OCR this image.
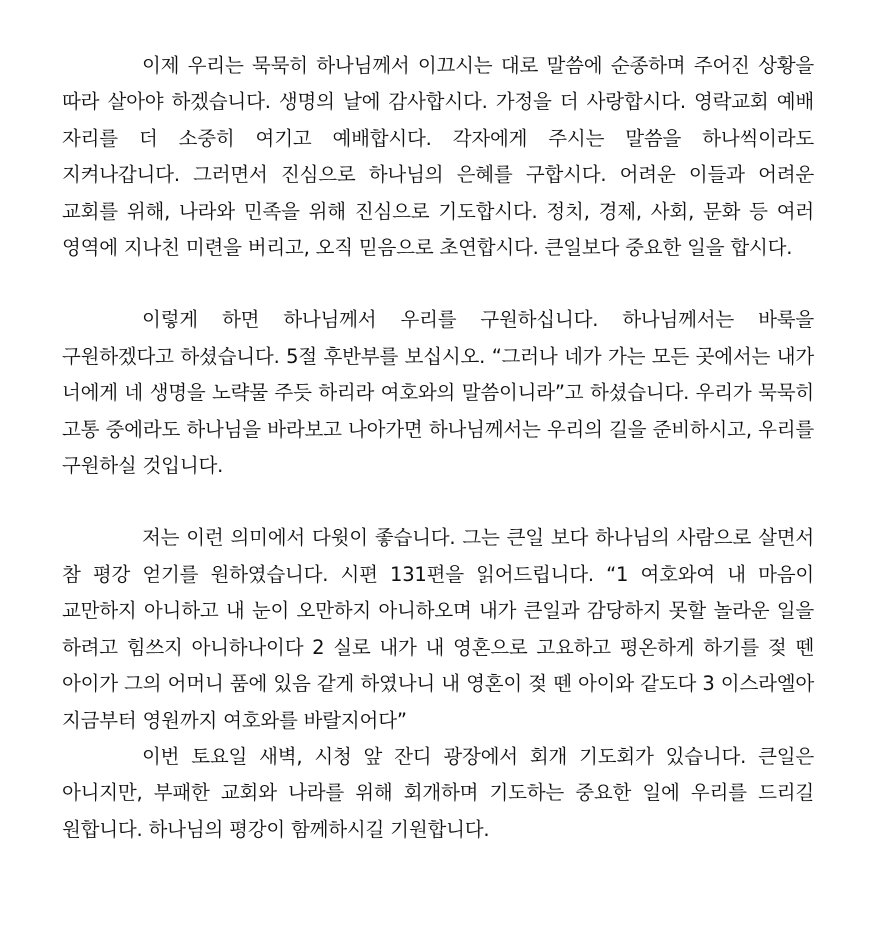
이제 우리는 묵묵히 하나님께서 이끄시는 대로 말씀에 순종하며 주어진 상황을 따라 살아야 하겠습니다. 생명의 날에 감사합시다. 가정을 더 사랑합시다. 영락교회 예배 자리를 더 소중히 여기고 예배합시다. 각자에게 주시는 말씀을 하나씩이라도 지켜나갑니다. 그러면서 진심으로 하나님의 은혜를 구합시다. 어려운 이들과 어려운 교회를 위해, 나라와 민족을 위해 진심으로 기도합시다. 정치, 경제, 사회, 문화 등 여러 영역에 지나친 미련을 버리고, 오직 믿음으로 초연합시다. 큰일보다 중요한 일을 합시다.

이렇게 하면 하나님께서 우리를 구원하십니다. 하나님께서는 바룩을 구원하겠다고 하셨습니다. 5절 후반부를 보십시오. “그러나 네가 가는 모든 곳에서는 내가 너에게 네 생명을 노략물 주듯 하리라 여호와의 말씀이니라”고 하셨습니다. 우리가 묵묵히 고통 중에라도 하나님을 바라보고 나아가면 하나님께서는 우리의 길을 준비하시고, 우리를 구원하실 것입니다.

저는 이런 의미에서 다윗이 좋습니다. 그는 큰일 보다 하나님의 사람으로 살면서 참 평강 얻기를 원하였습니다. 시편 131편을 읽어드립니다. “1 여호와여 내 마음이 교만하지 아니하고 내 눈이 오만하지 아니하오며 내가 큰일과 감당하지 못할 놀라운 일을 하려고 힘쓰지 아니하나이다 2 실로 내가 내 영혼으로 고요하고 평온하게 하기를 젖 뗀 아이가 그의 어머니 품에 있음 같게 하였나니 내 영혼이 젖 뗀 아이와 같도다 3 이스라엘아 지금부터 영원까지 여호와를 바랄지어다”

이번 토요일 새벽, 시청 앞 잔디 광장에서 회개 기도회가 있습니다. 큰일은 아니지만, 부패한 교회와 나라를 위해 회개하며 기도하는 중요한 일에 우리를 드리길 원합니다. 하나님의 평강이 함께하시길 기원합니다.
